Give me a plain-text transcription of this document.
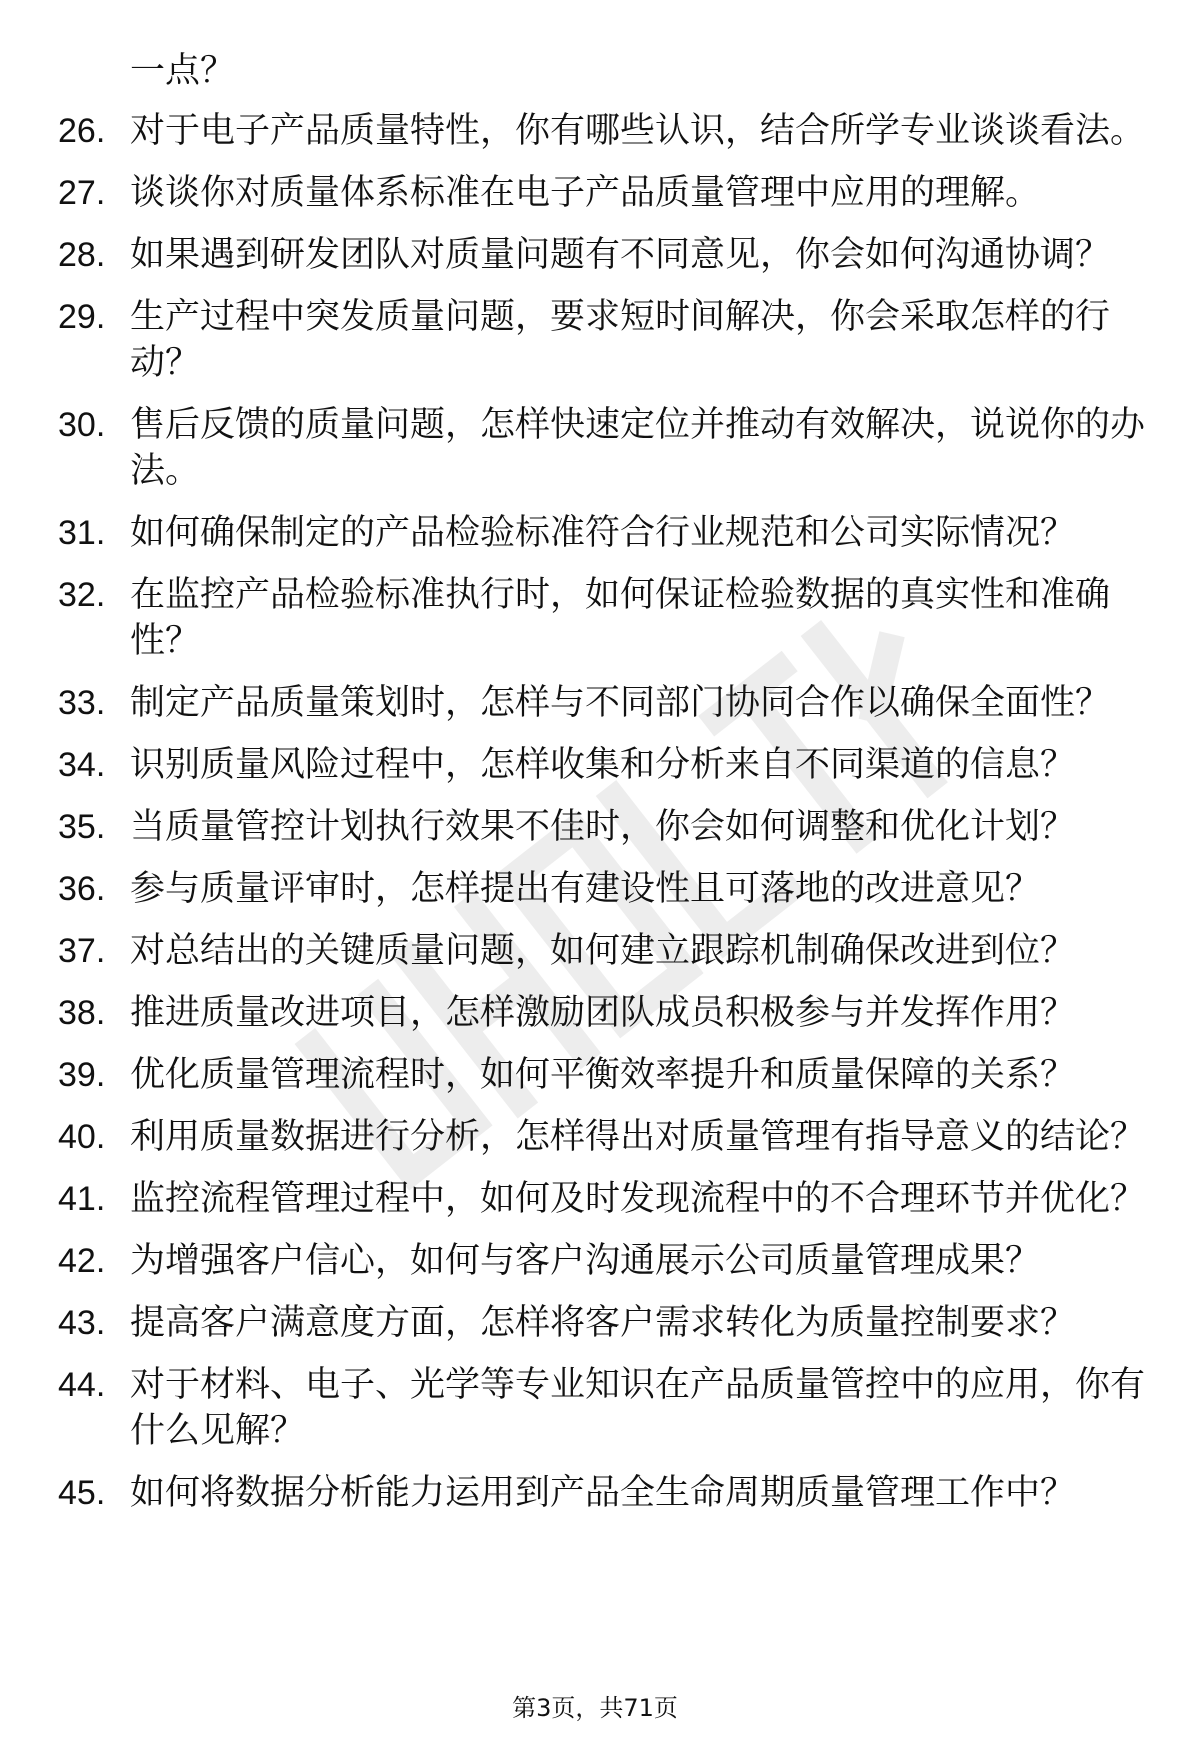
一点？
26. 对于电子产品质量特性，你有哪些认识，结合所学专业谈谈看法。
27. 谈谈你对质量体系标准在电子产品质量管理中应用的理解。
28. 如果遇到研发团队对质量问题有不同意见，你会如何沟通协调？
29. 生产过程中突发质量问题，要求短时间解决，你会采取怎样的行动？
30. 售后反馈的质量问题，怎样快速定位并推动有效解决，说说你的办法。
31. 如何确保制定的产品检验标准符合行业规范和公司实际情况？
32. 在监控产品检验标准执行时，如何保证检验数据的真实性和准确性？
33. 制定产品质量策划时，怎样与不同部门协同合作以确保全面性？
34. 识别质量风险过程中，怎样收集和分析来自不同渠道的信息？
35. 当质量管控计划执行效果不佳时，你会如何调整和优化计划？
36. 参与质量评审时，怎样提出有建设性且可落地的改进意见？
37. 对总结出的关键质量问题，如何建立跟踪机制确保改进到位？
38. 推进质量改进项目，怎样激励团队成员积极参与并发挥作用？
39. 优化质量管理流程时，如何平衡效率提升和质量保障的关系？
40. 利用质量数据进行分析，怎样得出对质量管理有指导意义的结论？
41. 监控流程管理过程中，如何及时发现流程中的不合理环节并优化？
42. 为增强客户信心，如何与客户沟通展示公司质量管理成果？
43. 提高客户满意度方面，怎样将客户需求转化为质量控制要求？
44. 对于材料、电子、光学等专业知识在产品质量管控中的应用，你有什么见解？
45. 如何将数据分析能力运用到产品全生命周期质量管理工作中？
第3页，共71页
